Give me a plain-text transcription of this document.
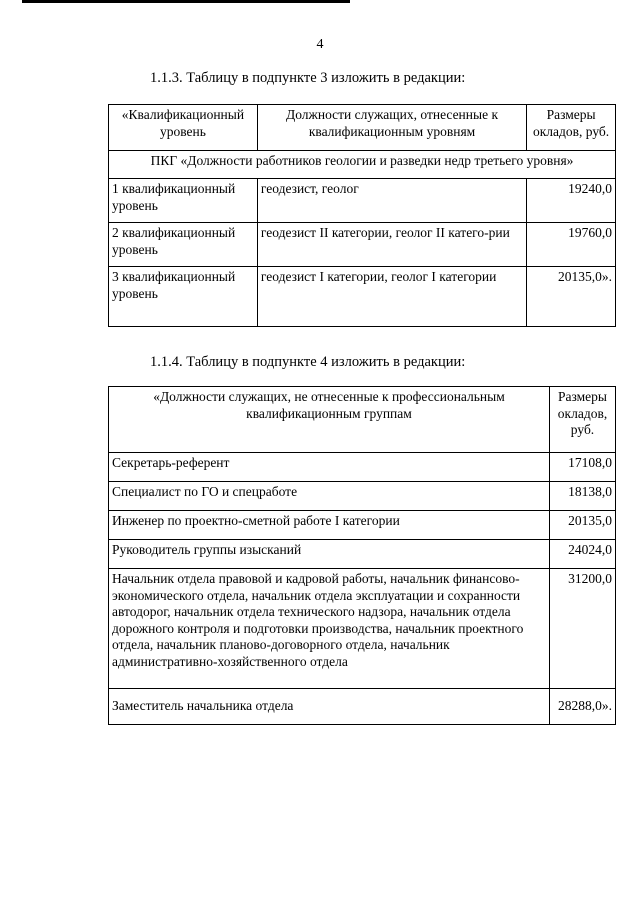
4
1.1.3. Таблицу в подпункте 3 изложить в редакции:
«Квалификационный уровень	Должности служащих, отнесенные к квалификационным уровням	Размеры окладов, руб.
ПКГ «Должности работников геологии и разведки недр третьего уровня»		
1 квалификационный уровень	геодезист, геолог	19240,0
2 квалификационный уровень	геодезист II категории, геолог II катего-рии	19760,0
3 квалификационный уровень	геодезист I категории, геолог I категории	20135,0».
1.1.4. Таблицу в подпункте 4 изложить в редакции:
«Должности служащих, не отнесенные к профессиональным квалификационным группам	Размеры окладов, руб.
Секретарь-референт	17108,0
Специалист по ГО и спецработе	18138,0
Инженер по проектно-сметной работе I категории	20135,0
Руководитель группы изысканий	24024,0
Начальник отдела правовой и кадровой работы, начальник финансово-экономического отдела, начальник отдела эксплуатации и сохранности автодорог, начальник отдела технического надзора, начальник отдела дорожного контроля и подготовки производства, начальник проектного отдела, начальник планово-договорного отдела, начальник административно-хозяйственного отдела	31200,0
Заместитель начальника отдела	28288,0».
